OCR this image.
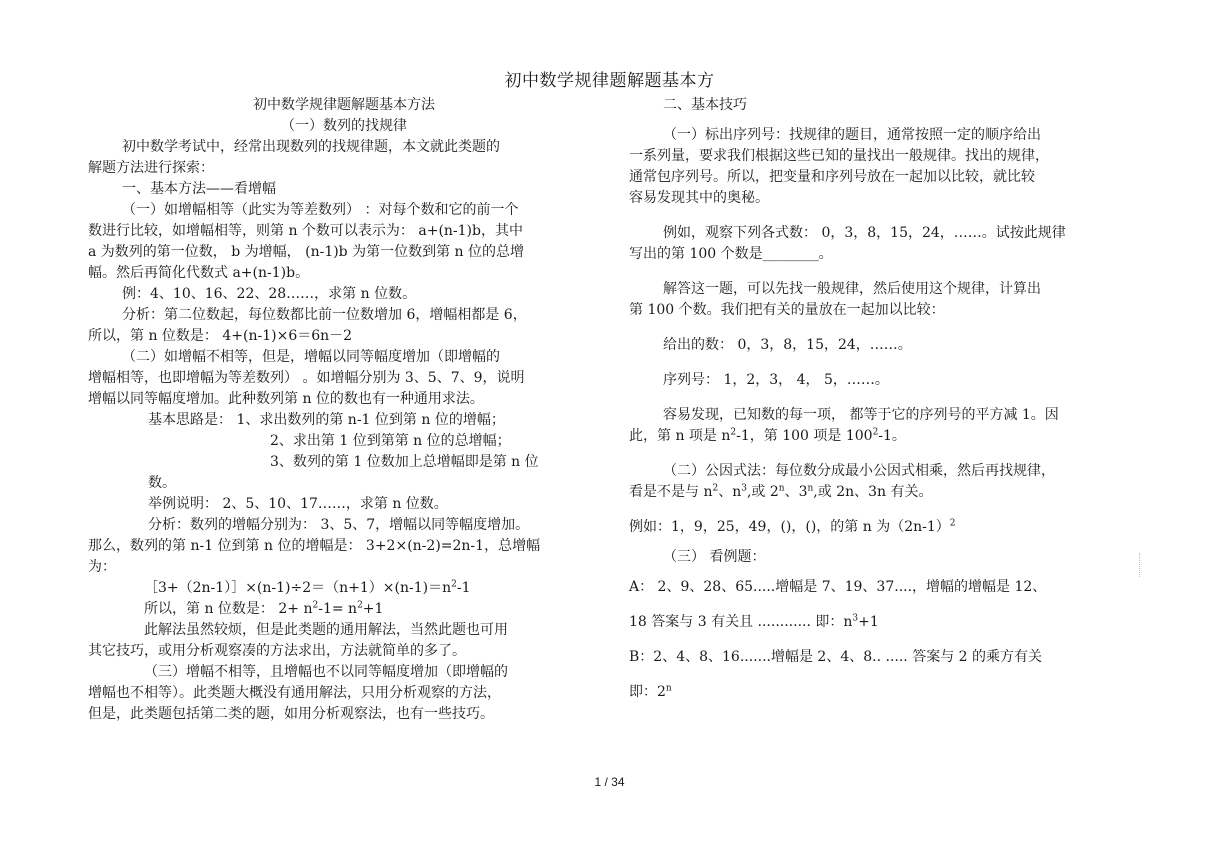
初中数学规律题解题基本方
初中数学规律题解题基本方法
（一）数列的找规律
初中数学考试中，经常出现数列的找规律题，本文就此类题的
解题方法进行探索：
一、基本方法——看增幅
（一）如增幅相等（此实为等差数列） ：对每个数和它的前一个
数进行比较，如增幅相等，则第 n 个数可以表示为： a+(n-1)b，其中
a 为数列的第一位数， b 为增幅， (n-1)b 为第一位数到第 n 位的总增
幅。然后再简化代数式 a+(n-1)b。
例：4、10、16、22、28……，求第 n 位数。
分析：第二位数起，每位数都比前一位数增加 6，增幅相都是 6，
所以，第 n 位数是： 4+(n-1)×6＝6n－2
（二）如增幅不相等，但是，增幅以同等幅度增加（即增幅的
增幅相等，也即增幅为等差数列） 。如增幅分别为 3、5、7、9，说明
增幅以同等幅度增加。此种数列第 n 位的数也有一种通用求法。
基本思路是： 1、求出数列的第 n-1 位到第 n 位的增幅；
2、求出第 1 位到第第 n 位的总增幅；
3、数列的第 1 位数加上总增幅即是第 n 位
数。
举例说明： 2、5、10、17……，求第 n 位数。
分析：数列的增幅分别为： 3、5、7，增幅以同等幅度增加。
那么，数列的第 n-1 位到第 n 位的增幅是： 3+2×(n-2)=2n-1，总增幅
为：
$[3+(2n-1)]\times(n-1)\div 2=(n+1)\times(n-1)=n^2-1$
所以，第 n 位数是： $2+ n^2-1= n^2+1$
此解法虽然较烦，但是此类题的通用解法，当然此题也可用
其它技巧，或用分析观察凑的方法求出，方法就简单的多了。
（三）增幅不相等，且增幅也不以同等幅度增加（即增幅的
增幅也不相等）。此类题大概没有通用解法，只用分析观察的方法，
但是，此类题包括第二类的题，如用分析观察法，也有一些技巧。
二、基本技巧
（一）标出序列号：找规律的题目，通常按照一定的顺序给出
一系列量，要求我们根据这些已知的量找出一般规律。找出的规律，
通常包序列号。所以，把变量和序列号放在一起加以比较，就比较
容易发现其中的奥秘。
例如，观察下列各式数： 0，3，8，15，24，……。试按此规律
写出的第 100 个数是________。
解答这一题，可以先找一般规律，然后使用这个规律，计算出
第 100 个数。我们把有关的量放在一起加以比较：
给出的数： 0，3，8，15，24，……。
序列号： 1，2，3， 4， 5，……。
容易发现，已知数的每一项， 都等于它的序列号的平方减 1。因
此，第 n 项是 $n^2-1$，第 100 项是 $100^2-1$。
（二）公因式法：每位数分成最小公因式相乘，然后再找规律，
看是不是与 $n^2$、$n^3$,或 2$^n$、3$^n$,或 2n、3n 有关。
例如：1，9，25，49，()，()，的第 n 为$(2n-1)^2$
（三） 看例题：
A： 2、9、28、65.....增幅是 7、19、37....，增幅的增幅是 12、
18 答案与 3 有关且 ............ 即：$n^3+1$
B：2、4、8、16.......增幅是 2、4、8.. ..... 答案与 2 的乘方有关
即：2$^n$
1 / 34
